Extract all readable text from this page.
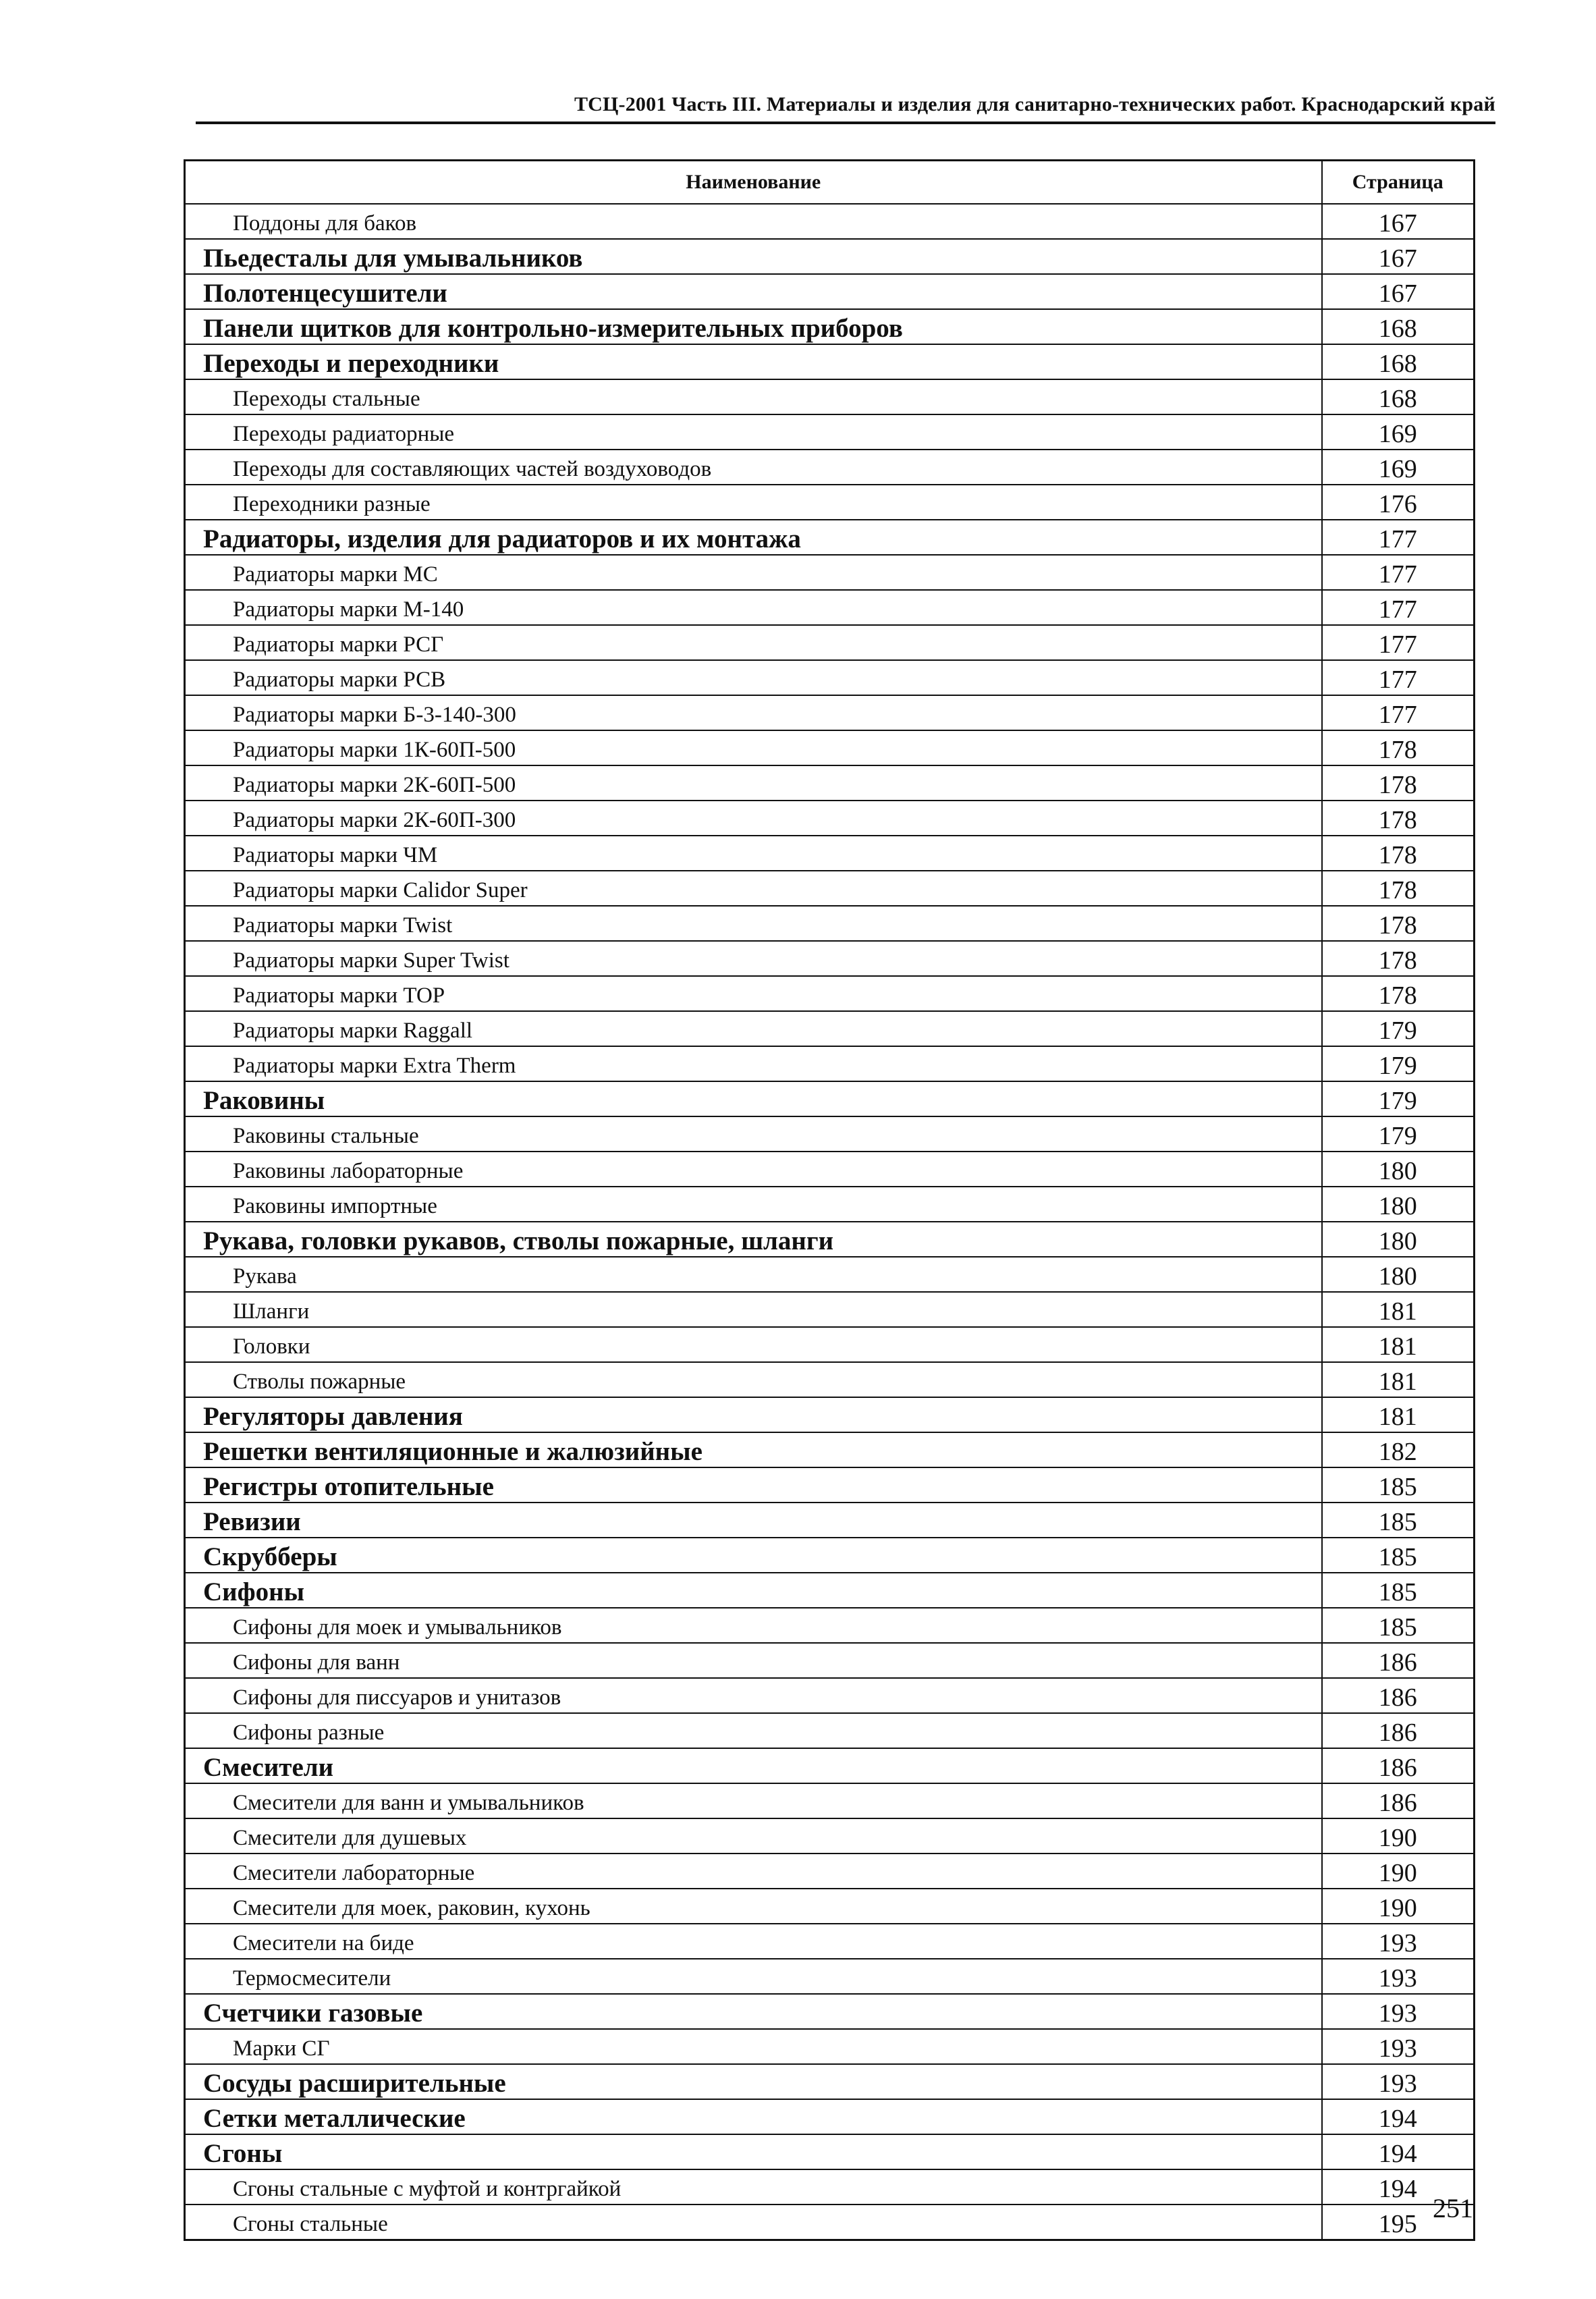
ТСЦ-2001 Часть III. Материалы и изделия для санитарно-технических работ. Краснодарский край
Наименование	Страница
Поддоны для баков	167
Пьедесталы для умывальников	167
Полотенцесушители	167
Панели щитков для контрольно-измерительных приборов	168
Переходы и переходники	168
Переходы стальные	168
Переходы радиаторные	169
Переходы для составляющих частей воздуховодов	169
Переходники разные	176
Радиаторы, изделия для радиаторов и их монтажа	177
Радиаторы марки МС	177
Радиаторы марки М-140	177
Радиаторы марки РСГ	177
Радиаторы марки РСВ	177
Радиаторы марки Б-3-140-300	177
Радиаторы марки 1К-60П-500	178
Радиаторы марки 2К-60П-500	178
Радиаторы марки 2К-60П-300	178
Радиаторы марки ЧМ	178
Радиаторы марки Calidor Super	178
Радиаторы марки Twist	178
Радиаторы марки Super Twist	178
Радиаторы марки TOP	178
Радиаторы марки Raggall	179
Радиаторы марки Extra Therm	179
Раковины	179
Раковины стальные	179
Раковины лабораторные	180
Раковины импортные	180
Рукава, головки рукавов, стволы пожарные, шланги	180
Рукава	180
Шланги	181
Головки	181
Стволы пожарные	181
Регуляторы давления	181
Решетки вентиляционные и жалюзийные	182
Регистры отопительные	185
Ревизии	185
Скрубберы	185
Сифоны	185
Сифоны для моек и умывальников	185
Сифоны для ванн	186
Сифоны для писсуаров и унитазов	186
Сифоны разные	186
Смесители	186
Смесители для ванн и умывальников	186
Смесители для душевых	190
Смесители лабораторные	190
Смесители для моек, раковин, кухонь	190
Смесители на биде	193
Термосмесители	193
Счетчики газовые	193
Марки СГ	193
Сосуды расширительные	193
Сетки металлические	194
Сгоны	194
Сгоны стальные с муфтой и контргайкой	194
Сгоны стальные	195
251
